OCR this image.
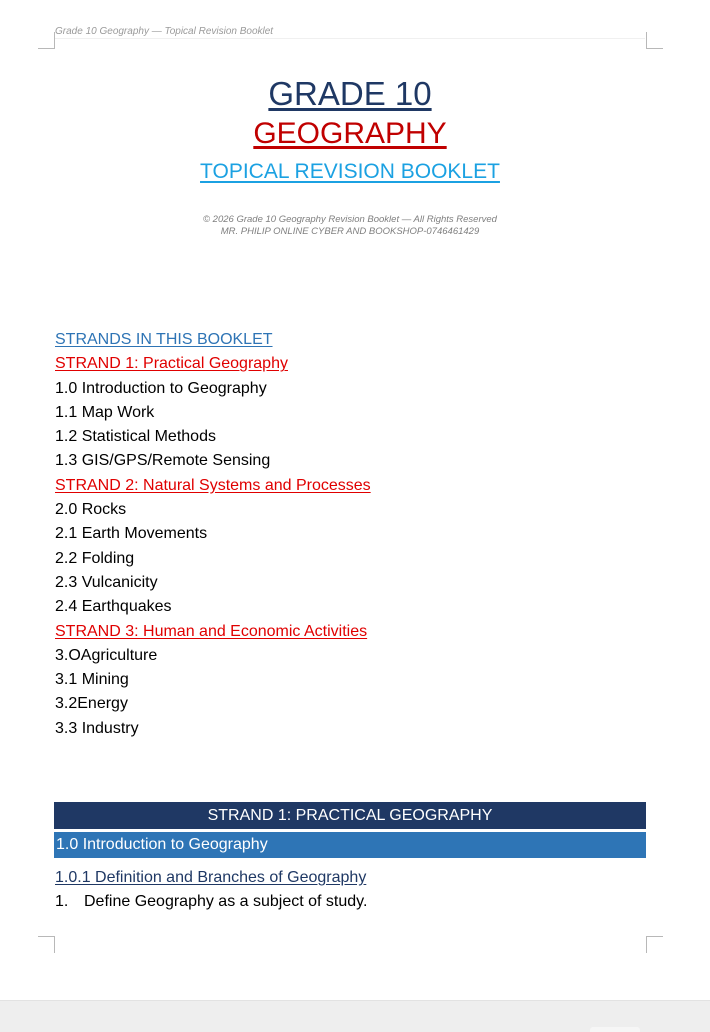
Grade 10 Geography — Topical Revision Booklet
GRADE 10
GEOGRAPHY
TOPICAL REVISION BOOKLET
© 2026 Grade 10 Geography Revision Booklet — All Rights Reserved
MR. PHILIP ONLINE CYBER AND BOOKSHOP-0746461429
STRANDS IN THIS BOOKLET
STRAND 1: Practical Geography
1.0 Introduction to Geography
1.1 Map Work
1.2 Statistical Methods
1.3 GIS/GPS/Remote Sensing
STRAND 2: Natural Systems and Processes
2.0 Rocks
2.1 Earth Movements
2.2 Folding
2.3 Vulcanicity
2.4 Earthquakes
STRAND 3: Human and Economic Activities
3.OAgriculture
3.1 Mining
3.2Energy
3.3 Industry
STRAND 1: PRACTICAL GEOGRAPHY
1.0 Introduction to Geography
1.0.1 Definition and Branches of Geography
1. Define Geography as a subject of study.
